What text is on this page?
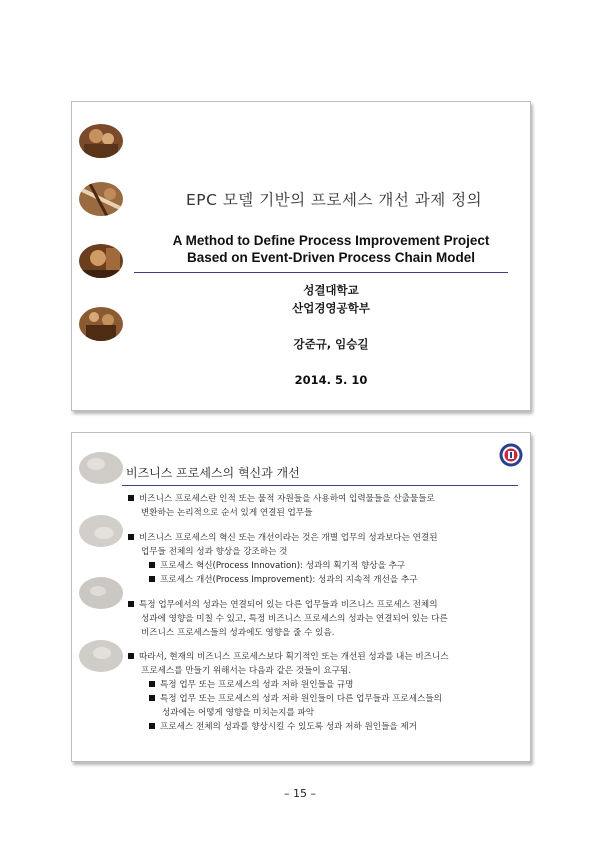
EPC 모델 기반의 프로세스 개선 과제 정의
A Method to Define Process Improvement Project
Based on Event-Driven Process Chain Model
성결대학교
산업경영공학부
강준규, 임승길
2014. 5. 10
비즈니스 프로세스의 혁신과 개선
비즈니스 프로세스란 인적 또는 물적 자원들을 사용하여 입력물들을 산출물들로
변환하는 논리적으로 순서 있게 연결된 업무들
비즈니스 프로세스의 혁신 또는 개선이라는 것은 개별 업무의 성과보다는 연결된
업무들 전체의 성과 향상을 강조하는 것
프로세스 혁신(Process Innovation): 성과의 획기적 향상을 추구
프로세스 개선(Process Improvement): 성과의 지속적 개선을 추구
특정 업무에서의 성과는 연결되어 있는 다른 업무들과 비즈니스 프로세스 전체의
성과에 영향을 미칠 수 있고, 특정 비즈니스 프로세스의 성과는 연결되어 있는 다른
비즈니스 프로세스들의 성과에도 영향을 줄 수 있음.
따라서, 현재의 비즈니스 프로세스보다 획기적인 또는 개선된 성과를 내는 비즈니스
프로세스를 만들기 위해서는 다음과 같은 것들이 요구됨.
특정 업무 또는 프로세스의 성과 저하 원인들을 규명
특정 업무 또는 프로세스의 성과 저하 원인들이 다른 업무들과 프로세스들의
성과에는 어떻게 영향을 미치는지를 파악
프로세스 전체의 성과를 향상시킬 수 있도록 성과 저하 원인들을 제거
– 15 –
